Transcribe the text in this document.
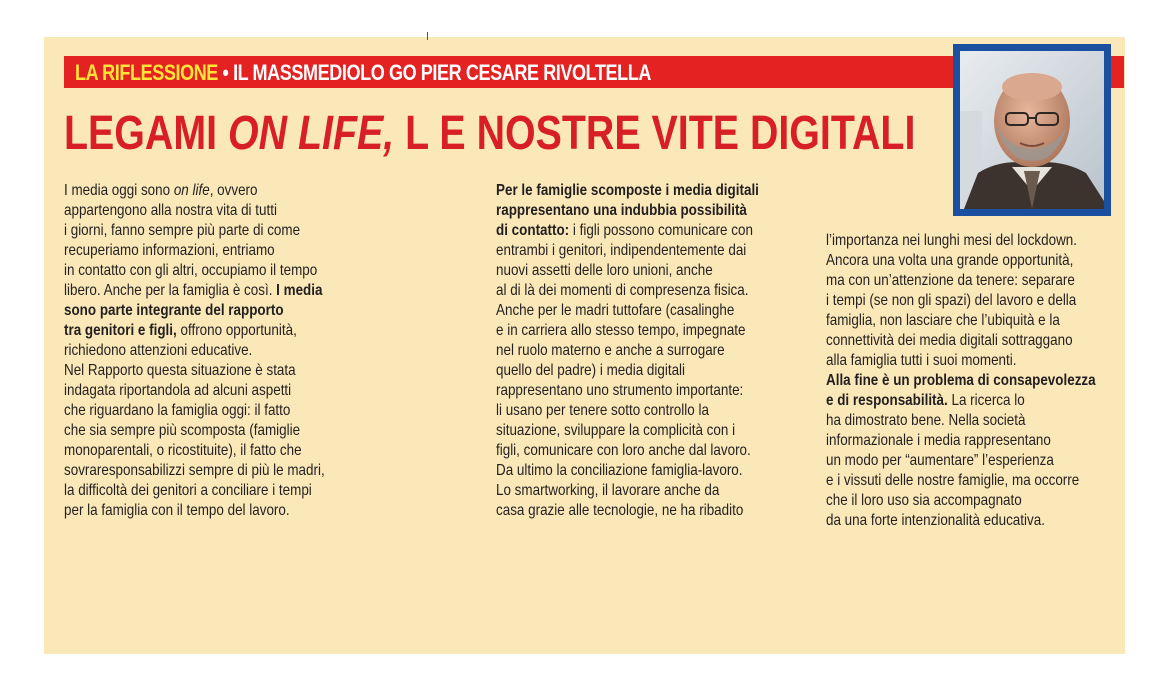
LA RIFLESSIONE • IL MASSMEDIOLO GO PIER CESARE RIVOLTELLA
LEGAMI ON LIFE, L E NOSTRE VITE DIGITALI
I media oggi sono on life, ovvero
appartengono alla nostra vita di tutti
i giorni, fanno sempre più parte di come
recuperiamo informazioni, entriamo
in contatto con gli altri, occupiamo il tempo
libero. Anche per la famiglia è così. I media
sono parte integrante del rapporto
tra genitori e figli, offrono opportunità,
richiedono attenzioni educative.
Nel Rapporto questa situazione è stata
indagata riportandola ad alcuni aspetti
che riguardano la famiglia oggi: il fatto
che sia sempre più scomposta (famiglie
monoparentali, o ricostituite), il fatto che
sovraresponsabilizzi sempre di più le madri,
la difficoltà dei genitori a conciliare i tempi
per la famiglia con il tempo del lavoro.
Per le famiglie scomposte i media digitali
rappresentano una indubbia possibilità
di contatto: i figli possono comunicare con
entrambi i genitori, indipendentemente dai
nuovi assetti delle loro unioni, anche
al di là dei momenti di compresenza fisica.
Anche per le madri tuttofare (casalinghe
e in carriera allo stesso tempo, impegnate
nel ruolo materno e anche a surrogare
quello del padre) i media digitali
rappresentano uno strumento importante:
li usano per tenere sotto controllo la
situazione, sviluppare la complicità con i
figli, comunicare con loro anche dal lavoro.
Da ultimo la conciliazione famiglia-lavoro.
Lo smartworking, il lavorare anche da
casa grazie alle tecnologie, ne ha ribadito
l’importanza nei lunghi mesi del lockdown.
Ancora una volta una grande opportunità,
ma con un’attenzione da tenere: separare
i tempi (se non gli spazi) del lavoro e della
famiglia, non lasciare che l’ubiquità e la
connettività dei media digitali sottraggano
alla famiglia tutti i suoi momenti.
Alla fine è un problema di consapevolezza
e di responsabilità. La ricerca lo
ha dimostrato bene. Nella società
informazionale i media rappresentano
un modo per “aumentare” l’esperienza
e i vissuti delle nostre famiglie, ma occorre
che il loro uso sia accompagnato
da una forte intenzionalità educativa.
